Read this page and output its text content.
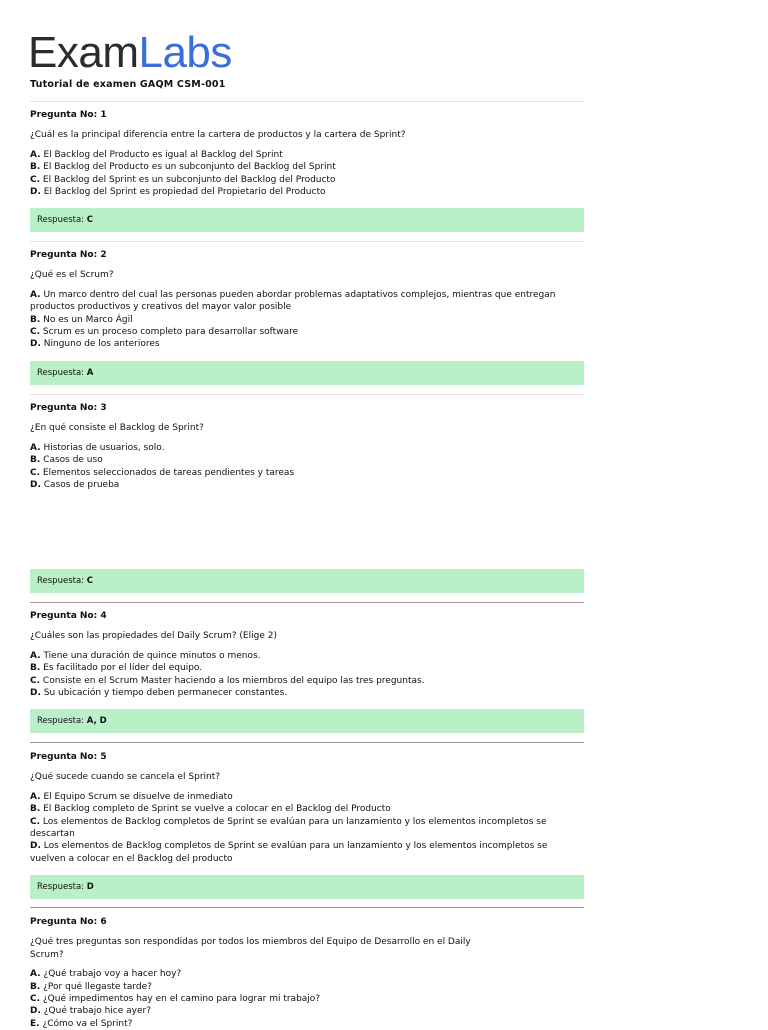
ExamLabs
Tutorial de examen GAQM CSM-001
Pregunta No: 1
¿Cuál es la principal diferencia entre la cartera de productos y la cartera de Sprint?
A. El Backlog del Producto es igual al Backlog del Sprint
B. El Backlog del Producto es un subconjunto del Backlog del Sprint
C. El Backlog del Sprint es un subconjunto del Backlog del Producto
D. El Backlog del Sprint es propiedad del Propietario del Producto
Respuesta: C
Pregunta No: 2
¿Qué es el Scrum?
A. Un marco dentro del cual las personas pueden abordar problemas adaptativos complejos, mientras que entregan productos productivos y creativos del mayor valor posible
B. No es un Marco Ágil
C. Scrum es un proceso completo para desarrollar software
D. Ninguno de los anteriores
Respuesta: A
Pregunta No: 3
¿En qué consiste el Backlog de Sprint?
A. Historias de usuarios, solo.
B. Casos de uso
C. Elementos seleccionados de tareas pendientes y tareas
D. Casos de prueba
Respuesta: C
Pregunta No: 4
¿Cuáles son las propiedades del Daily Scrum? (Elige 2)
A. Tiene una duración de quince minutos o menos.
B. Es facilitado por el líder del equipo.
C. Consiste en el Scrum Master haciendo a los miembros del equipo las tres preguntas.
D. Su ubicación y tiempo deben permanecer constantes.
Respuesta: A, D
Pregunta No: 5
¿Qué sucede cuando se cancela el Sprint?
A. El Equipo Scrum se disuelve de inmediato
B. El Backlog completo de Sprint se vuelve a colocar en el Backlog del Producto
C. Los elementos de Backlog completos de Sprint se evalúan para un lanzamiento y los elementos incompletos se descartan
D. Los elementos de Backlog completos de Sprint se evalúan para un lanzamiento y los elementos incompletos se vuelven a colocar en el Backlog del producto
Respuesta: D
Pregunta No: 6
¿Qué tres preguntas son respondidas por todos los miembros del Equipo de Desarrollo en el Daily Scrum?
A. ¿Qué trabajo voy a hacer hoy?
B. ¿Por qué llegaste tarde?
C. ¿Qué impedimentos hay en el camino para lograr mi trabajo?
D. ¿Qué trabajo hice ayer?
E. ¿Cómo va el Sprint?
